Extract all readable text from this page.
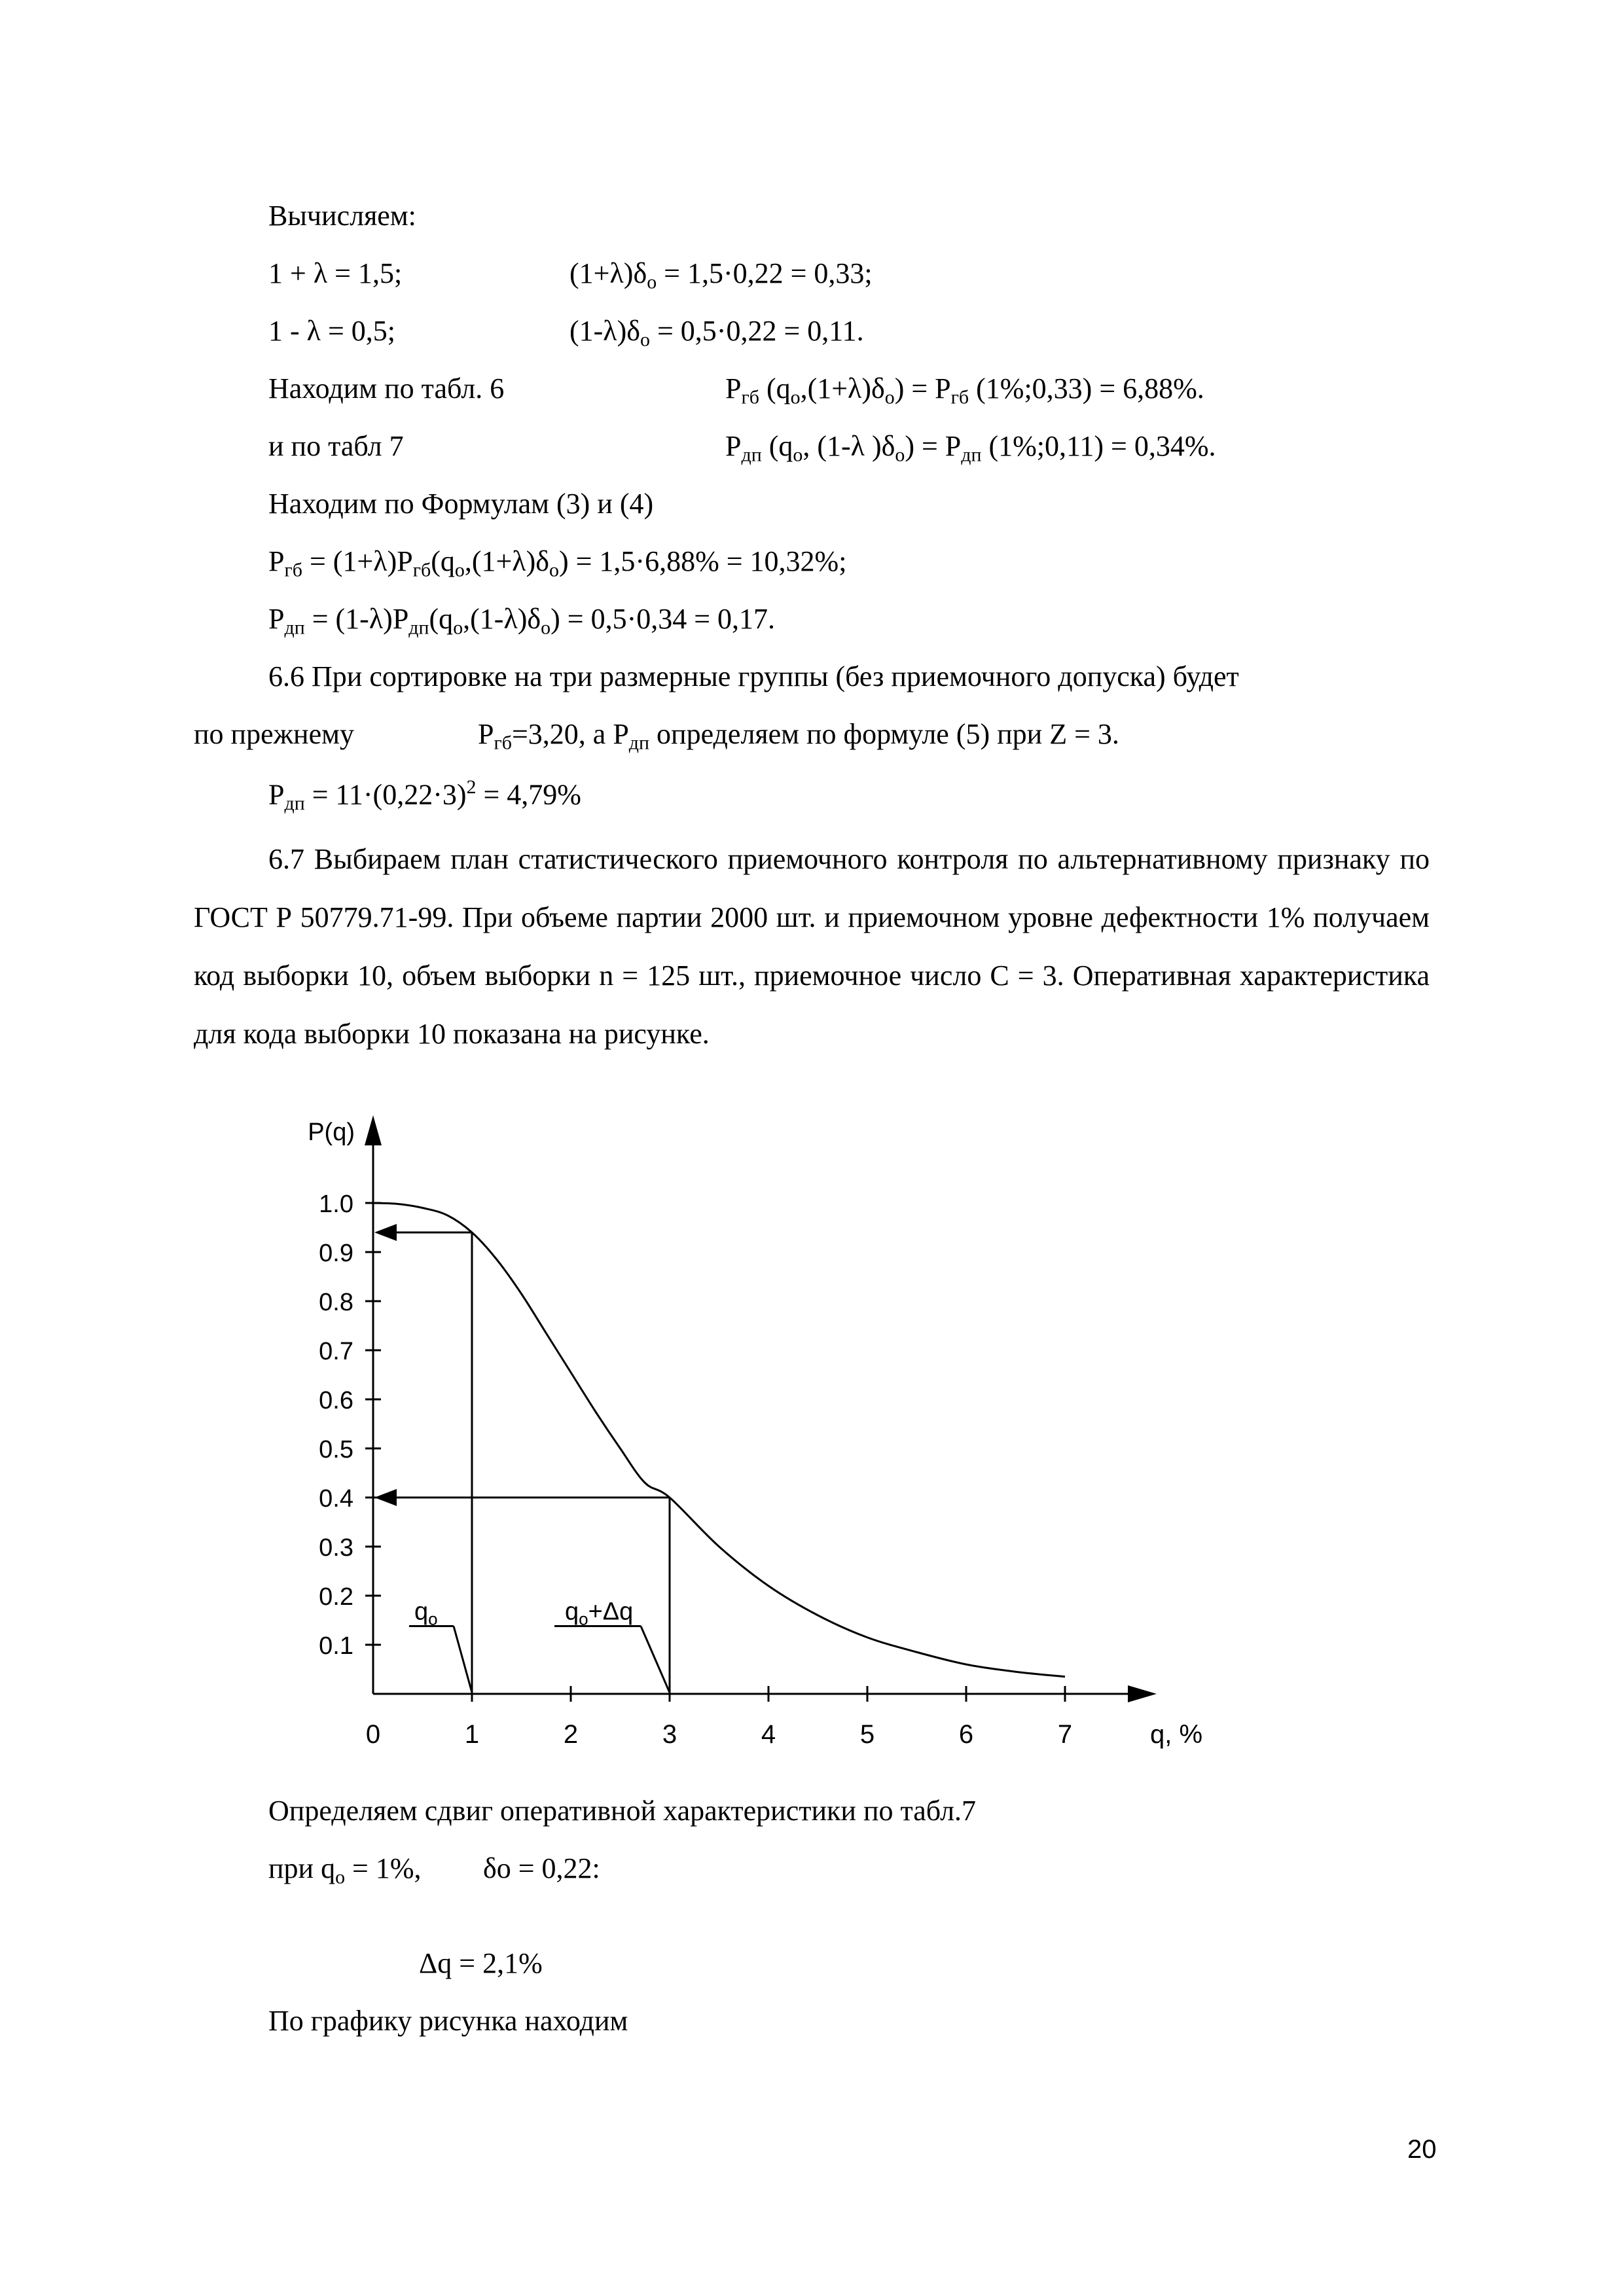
Вычисляем:
1 + λ = 1,5;	$(1+\lambda)\delta_о = 1,5\cdot 0,22 = 0,33$;
1 - λ = 0,5;	$(1-\lambda)\delta_о = 0,5\cdot 0,22 = 0,11$.
Находим по табл. 6	$P_{гб}$ $(q_о,(1+\lambda)\delta_о) = P_{гб}$ (1%;0,33) = 6,88%.
и по табл 7	$P_{дп}$ ($q_о$, (1-λ )$\delta_о) = P_{дп}$ (1%;0,11) = 0,34%.
Находим по Формулам (3) и (4)
$P_{гб} = (1+\lambda)P_{гб}(q_о,(1+\lambda)\delta_о) = 1,5\cdot 6,88\% = 10,32\%$;
$P_{дп} = (1-\lambda)P_{дп}(q_о,(1-\lambda)\delta_о) = 0,5\cdot 0,34 = 0,17$.
6.6 При сортировке на три размерные группы (без приемочного допуска) будет
по прежнему	$P_{гб}=3,20$, а $P_{дп}$ определяем по формуле (5) при Z = 3.
$P_{дп} = 11\cdot(0,22\cdot 3)^2 = 4,79\%$
6.7 Выбираем план статистического приемочного контроля по альтернативному признаку по ГОСТ Р 50779.71-99. При объеме партии 2000 шт. и приемочном уровне дефектности 1% получаем код выборки 10, объем выборки n = 125 шт., приемочное число С = 3. Оперативная характеристика для кода выборки 10 показана на рисунке.
0	1	2	3	4	5	6	7
1.0
0.9
0.8
0.7
0.6
0.5
0.4
0.3
0.2
0.1
P(q)
q, %
$q_о$	$q_о+\Delta q$
Определяем сдвиг оперативной характеристики по табл.7
при $q_о = 1\%$, δо = 0,22:
Δq = 2,1%
По графику рисунка находим
20
